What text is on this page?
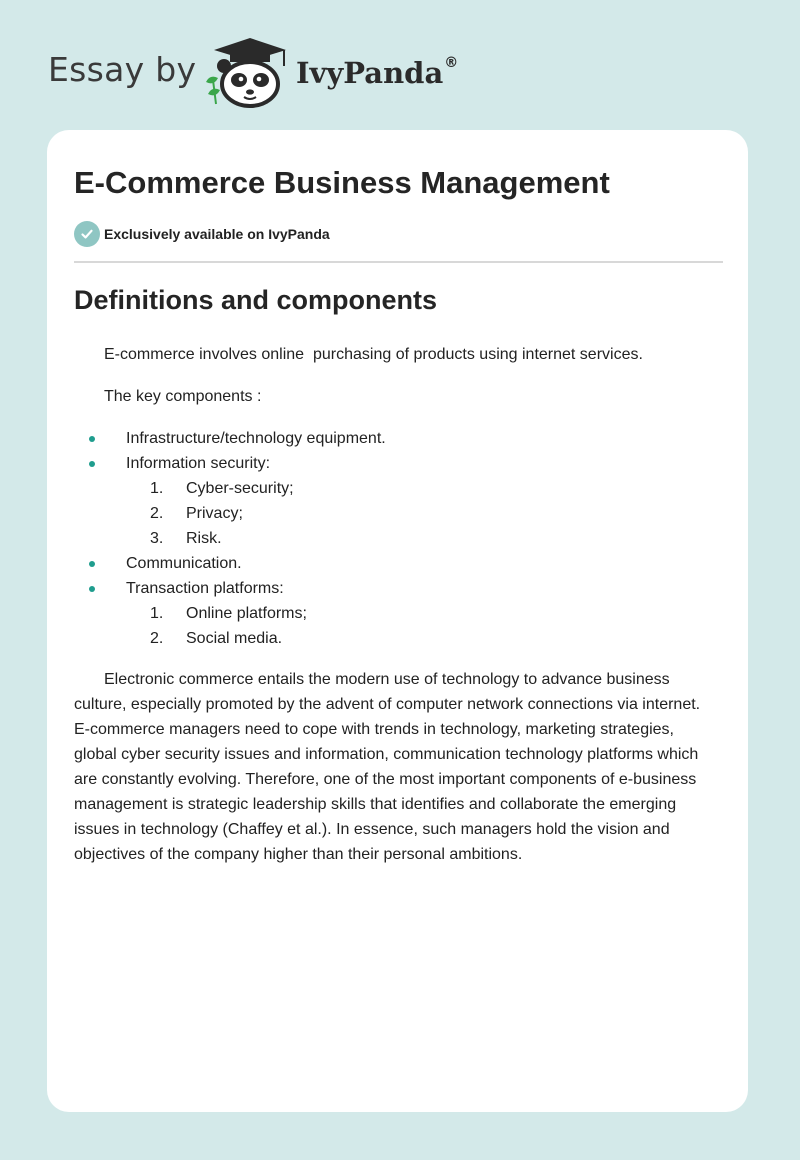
Essay by	IvyPanda®
E-Commerce Business Management
Exclusively available on IvyPanda
Definitions and components

E-commerce involves online  purchasing of products using internet services.

The key components :

Infrastructure/technology equipment.
Information security:
1. Cyber-security;
2. Privacy;
3. Risk.
Communication.
Transaction platforms:
1. Online platforms;
2. Social media.

Electronic commerce entails the modern use of technology to advance business culture, especially promoted by the advent of computer network connections via internet. E-commerce managers need to cope with trends in technology, marketing strategies, global cyber security issues and information, communication technology platforms which are constantly evolving. Therefore, one of the most important components of e-business management is strategic leadership skills that identifies and collaborate the emerging issues in technology (Chaffey et al.). In essence, such managers hold the vision and objectives of the company higher than their personal ambitions.
